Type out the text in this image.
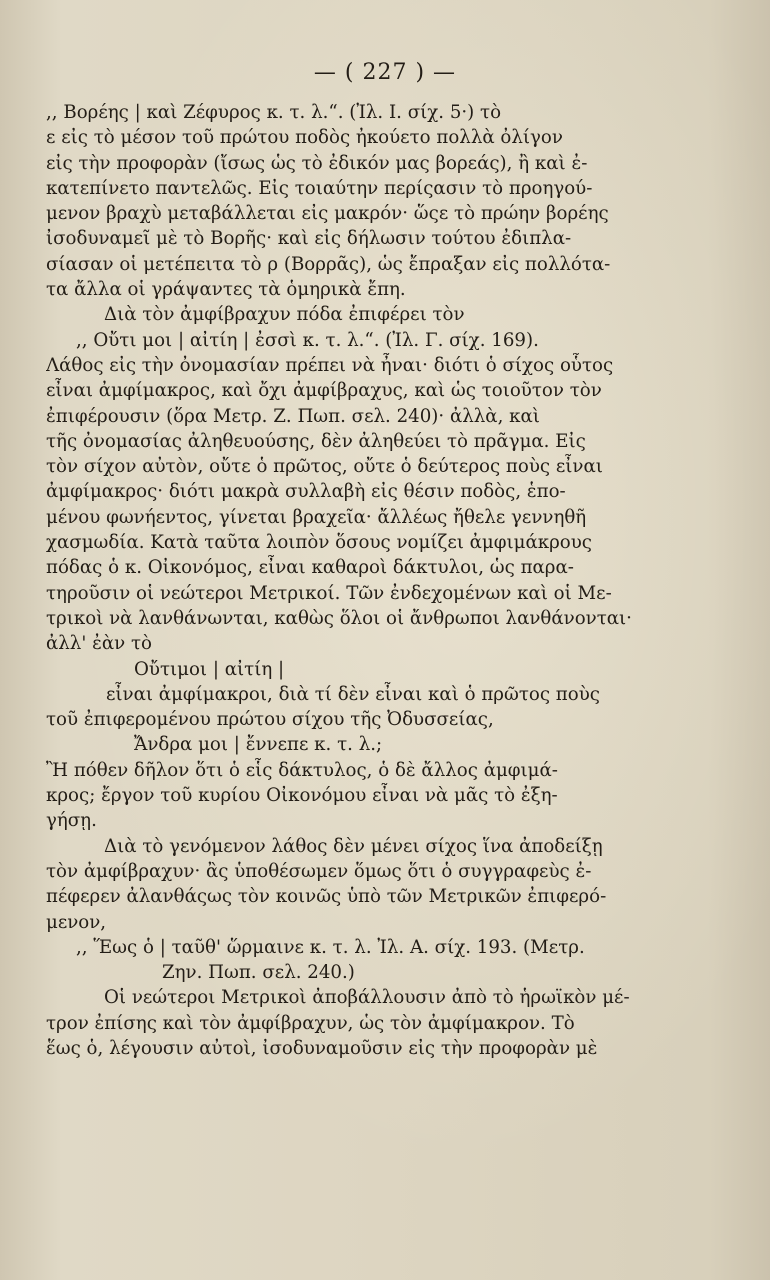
— ( 227 ) —
,, Βορέης | καὶ Ζέφυρος κ. τ. λ.“. (Ἰλ. I. σίχ. 5·) τὸ
ε εἰς τὸ μέσον τοῦ πρώτου ποδὸς ἠκούετο πολλὰ ὀλίγον
εἰς τὴν προφορὰν (ἴσως ὡς τὸ ἐδικόν μας βορεάς), ἢ καὶ ἐ-
κατεπίνετο παντελῶς. Εἰς τοιαύτην περίςασιν τὸ προηγού-
μενον βραχὺ μεταβάλλεται εἰς μακρόν· ὥςε τὸ πρώην βορέης
ἰσοδυναμεῖ μὲ τὸ Βορῆς· καὶ εἰς δήλωσιν τούτου ἐδιπλα-
σίασαν οἱ μετέπειτα τὸ ρ (Βορρᾶς), ὡς ἔπραξαν εἰς πολλότα-
τα ἄλλα οἱ γράψαντες τὰ ὁμηρικὰ ἔπη.
Διὰ τὸν ἀμφίβραχυν πόδα ἐπιφέρει τὸν
,, Οὔτι μοι | αἰτίη | ἐσσὶ κ. τ. λ.“. (Ἰλ. Γ. σίχ. 169).
Λάθος εἰς τὴν ὀνομασίαν πρέπει νὰ ἦναι· διότι ὁ σίχος οὗτος
εἶναι ἀμφίμακρος, καὶ ὄχι ἀμφίβραχυς, καὶ ὡς τοιοῦτον τὸν
ἐπιφέρουσιν (ὅρα Μετρ. Ζ. Πωπ. σελ. 240)· ἀλλὰ, καὶ
τῆς ὀνομασίας ἀληθευούσης, δὲν ἀληθεύει τὸ πρᾶγμα. Εἰς
τὸν σίχον αὐτὸν, οὔτε ὁ πρῶτος, οὔτε ὁ δεύτερος ποὺς εἶναι
ἀμφίμακρος· διότι μακρὰ συλλαβὴ εἰς θέσιν ποδὸς, ἑπο-
μένου φωνήεντος, γίνεται βραχεῖα· ἄλλέως ἤθελε γεννηθῆ
χασμωδία. Κατὰ ταῦτα λοιπὸν ὅσους νομίζει ἀμφιμάκρους
πόδας ὁ κ. Οἰκονόμος, εἶναι καθαροὶ δάκτυλοι, ὡς παρα-
τηροῦσιν οἱ νεώτεροι Μετρικοί. Τῶν ἐνδεχομένων καὶ οἱ Με-
τρικοὶ νὰ λανθάνωνται, καθὼς ὅλοι οἱ ἄνθρωποι λανθάνονται·
ἀλλ' ἐὰν τὸ
Οὔτιμοι | αἰτίη |
εἶναι ἀμφίμακροι, διὰ τί δὲν εἶναι καὶ ὁ πρῶτος ποὺς
τοῦ ἐπιφερομένου πρώτου σίχου τῆς Ὀδυσσείας,
Ἄνδρα μοι | ἔννεπε κ. τ. λ.;
Ἢ πόθεν δῆλον ὅτι ὁ εἷς δάκτυλος, ὁ δὲ ἄλλος ἀμφιμά-
κρος; ἔργον τοῦ κυρίου Οἰκονόμου εἶναι νὰ μᾶς τὸ ἐξη-
γήσῃ.
Διὰ τὸ γενόμενον λάθος δὲν μένει σίχος ἵνα ἀποδείξῃ
τὸν ἀμφίβραχυν· ἂς ὑποθέσωμεν ὅμως ὅτι ὁ συγγραφεὺς ἐ-
πέφερεν ἀλανθάςως τὸν κοινῶς ὑπὸ τῶν Μετρικῶν ἐπιφερό-
μενον,
,, Ἕως ὁ | ταῦθ' ὥρμαινε κ. τ. λ. Ἰλ. Α. σίχ. 193. (Μετρ.
Ζην. Πωπ. σελ. 240.)
Οἱ νεώτεροι Μετρικοὶ ἀποβάλλουσιν ἀπὸ τὸ ἡρωϊκὸν μέ-
τρον ἐπίσης καὶ τὸν ἀμφίβραχυν, ὡς τὸν ἀμφίμακρον. Τὸ
ἕως ὁ, λέγουσιν αὐτοὶ, ἰσοδυναμοῦσιν εἰς τὴν προφορὰν μὲ
